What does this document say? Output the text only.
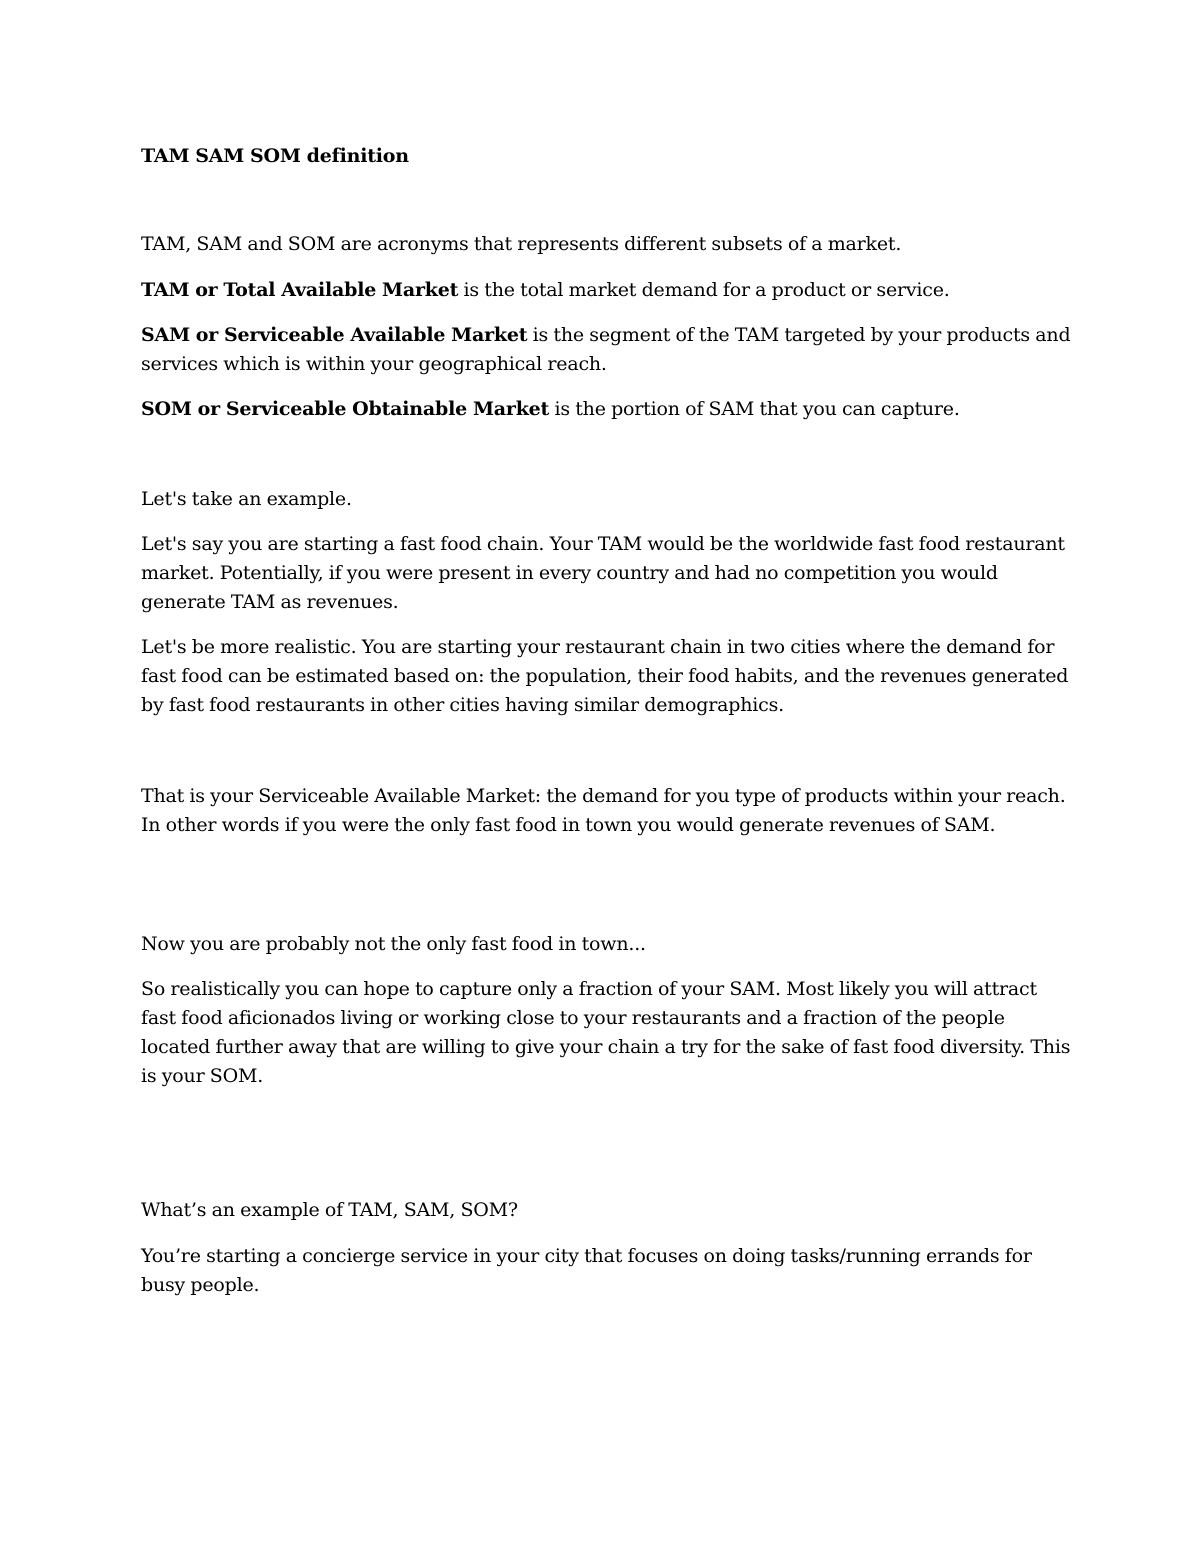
TAM SAM SOM definition

TAM, SAM and SOM are acronyms that represents different subsets of a market.

TAM or Total Available Market is the total market demand for a product or service.

SAM or Serviceable Available Market is the segment of the TAM targeted by your products and services which is within your geographical reach.

SOM or Serviceable Obtainable Market is the portion of SAM that you can capture.

Let's take an example.

Let's say you are starting a fast food chain. Your TAM would be the worldwide fast food restaurant market. Potentially, if you were present in every country and had no competition you would generate TAM as revenues.

Let's be more realistic. You are starting your restaurant chain in two cities where the demand for fast food can be estimated based on: the population, their food habits, and the revenues generated by fast food restaurants in other cities having similar demographics.

That is your Serviceable Available Market: the demand for you type of products within your reach. In other words if you were the only fast food in town you would generate revenues of SAM.

Now you are probably not the only fast food in town...

So realistically you can hope to capture only a fraction of your SAM. Most likely you will attract fast food aficionados living or working close to your restaurants and a fraction of the people located further away that are willing to give your chain a try for the sake of fast food diversity. This is your SOM.

What’s an example of TAM, SAM, SOM?

You’re starting a concierge service in your city that focuses on doing tasks/running errands for busy people.
